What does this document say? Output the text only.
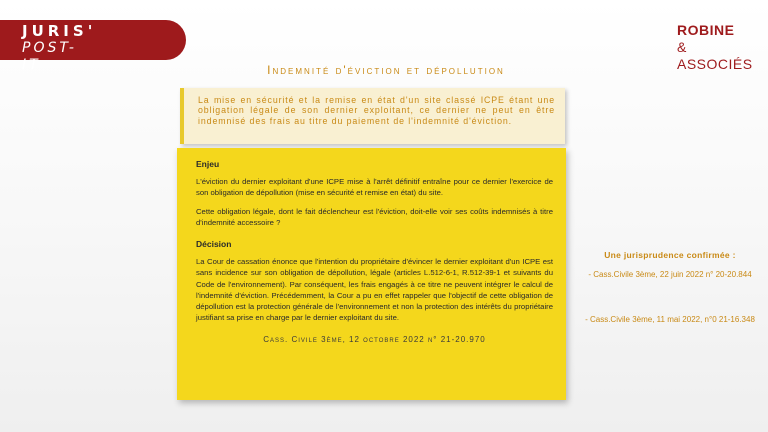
JURIS'
POST-
IT
ROBINE
& ASSOCIÉS
Indemnité d'éviction et dépollution

La mise en sécurité et la remise en état d'un site classé ICPE étant une obligation légale de son dernier exploitant, ce dernier ne peut en être indemnisé des frais au titre du paiement de l'indemnité d'éviction.

Enjeu

L'éviction du dernier exploitant d'une ICPE mise à l'arrêt définitif entraîne pour ce dernier l'exercice de son obligation de dépollution (mise en sécurité et remise en état) du site.

Cette obligation légale, dont le fait déclencheur est l'éviction, doit-elle voir ses coûts indemnisés à titre d'indemnité accessoire ?

Décision

La Cour de cassation énonce que l'intention du propriétaire d'évincer le dernier exploitant d'un ICPE est sans incidence sur son obligation de dépollution, légale (articles L.512-6-1, R.512-39-1 et suivants du Code de l'environnement). Par conséquent, les frais engagés à ce titre ne peuvent intégrer le calcul de l'indemnité d'éviction. Précédemment, la Cour a pu en effet rappeler que l'objectif de cette obligation de dépollution est la protection générale de l'environnement et non la protection des intérêts du propriétaire justifiant sa prise en charge par le dernier exploitant du site.

Cass. Civile 3ème, 12 octobre 2022 n° 21-20.970
Une jurisprudence confirmée :
- Cass.Civile 3ème, 22 juin 2022 n° 20-20.844
- Cass.Civile 3ème, 11 mai 2022, n°0 21-16.348
